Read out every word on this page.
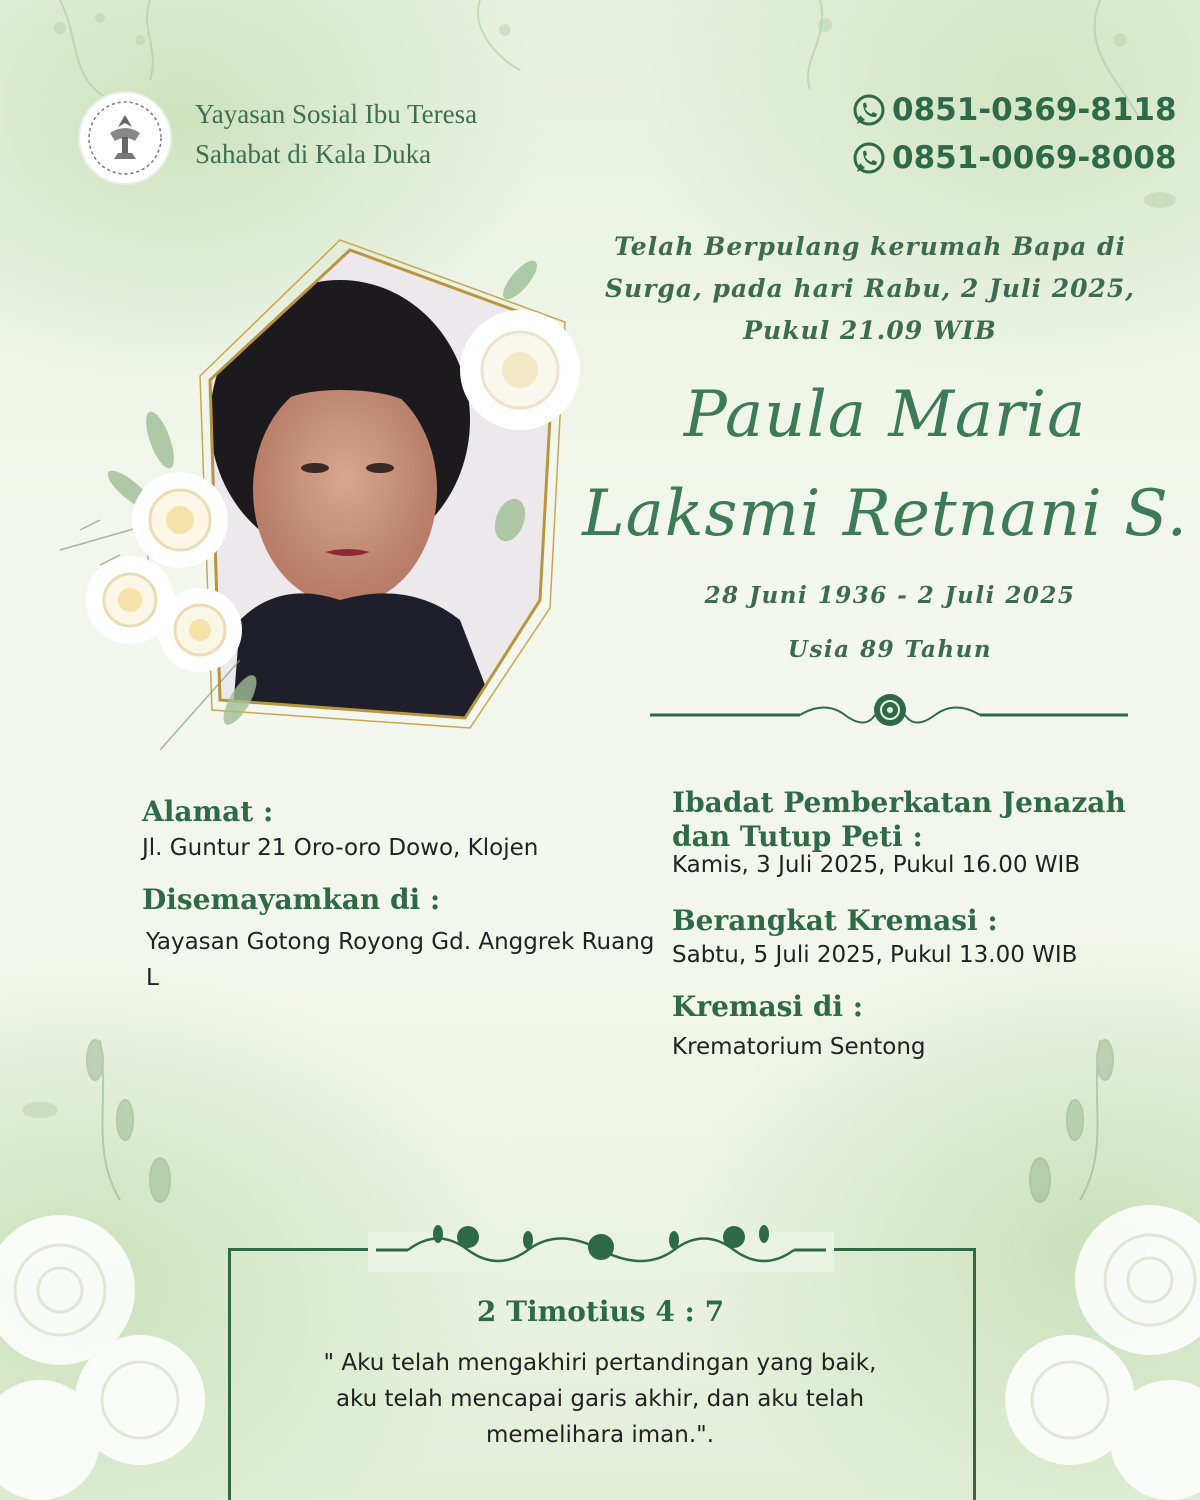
Yayasan Sosial Ibu Teresa
Sahabat di Kala Duka
0851-0369-8118
0851-0069-8008
Telah Berpulang kerumah Bapa di Surga, pada hari Rabu, 2 Juli 2025, Pukul 21.09 WIB
Paula Maria
Laksmi Retnani S.
28 Juni 1936 - 2 Juli 2025
Usia 89 Tahun
Alamat :
Jl. Guntur 21 Oro-oro Dowo, Klojen
Disemayamkan di :
Yayasan Gotong Royong Gd. Anggrek Ruang L
Ibadat Pemberkatan Jenazah dan Tutup Peti :
Kamis, 3 Juli 2025, Pukul 16.00 WIB
Berangkat Kremasi :
Sabtu, 5 Juli 2025, Pukul 13.00 WIB
Kremasi di :
Krematorium Sentong
2 Timotius 4 : 7
" Aku telah mengakhiri pertandingan yang baik, aku telah mencapai garis akhir, dan aku telah memelihara iman.".
